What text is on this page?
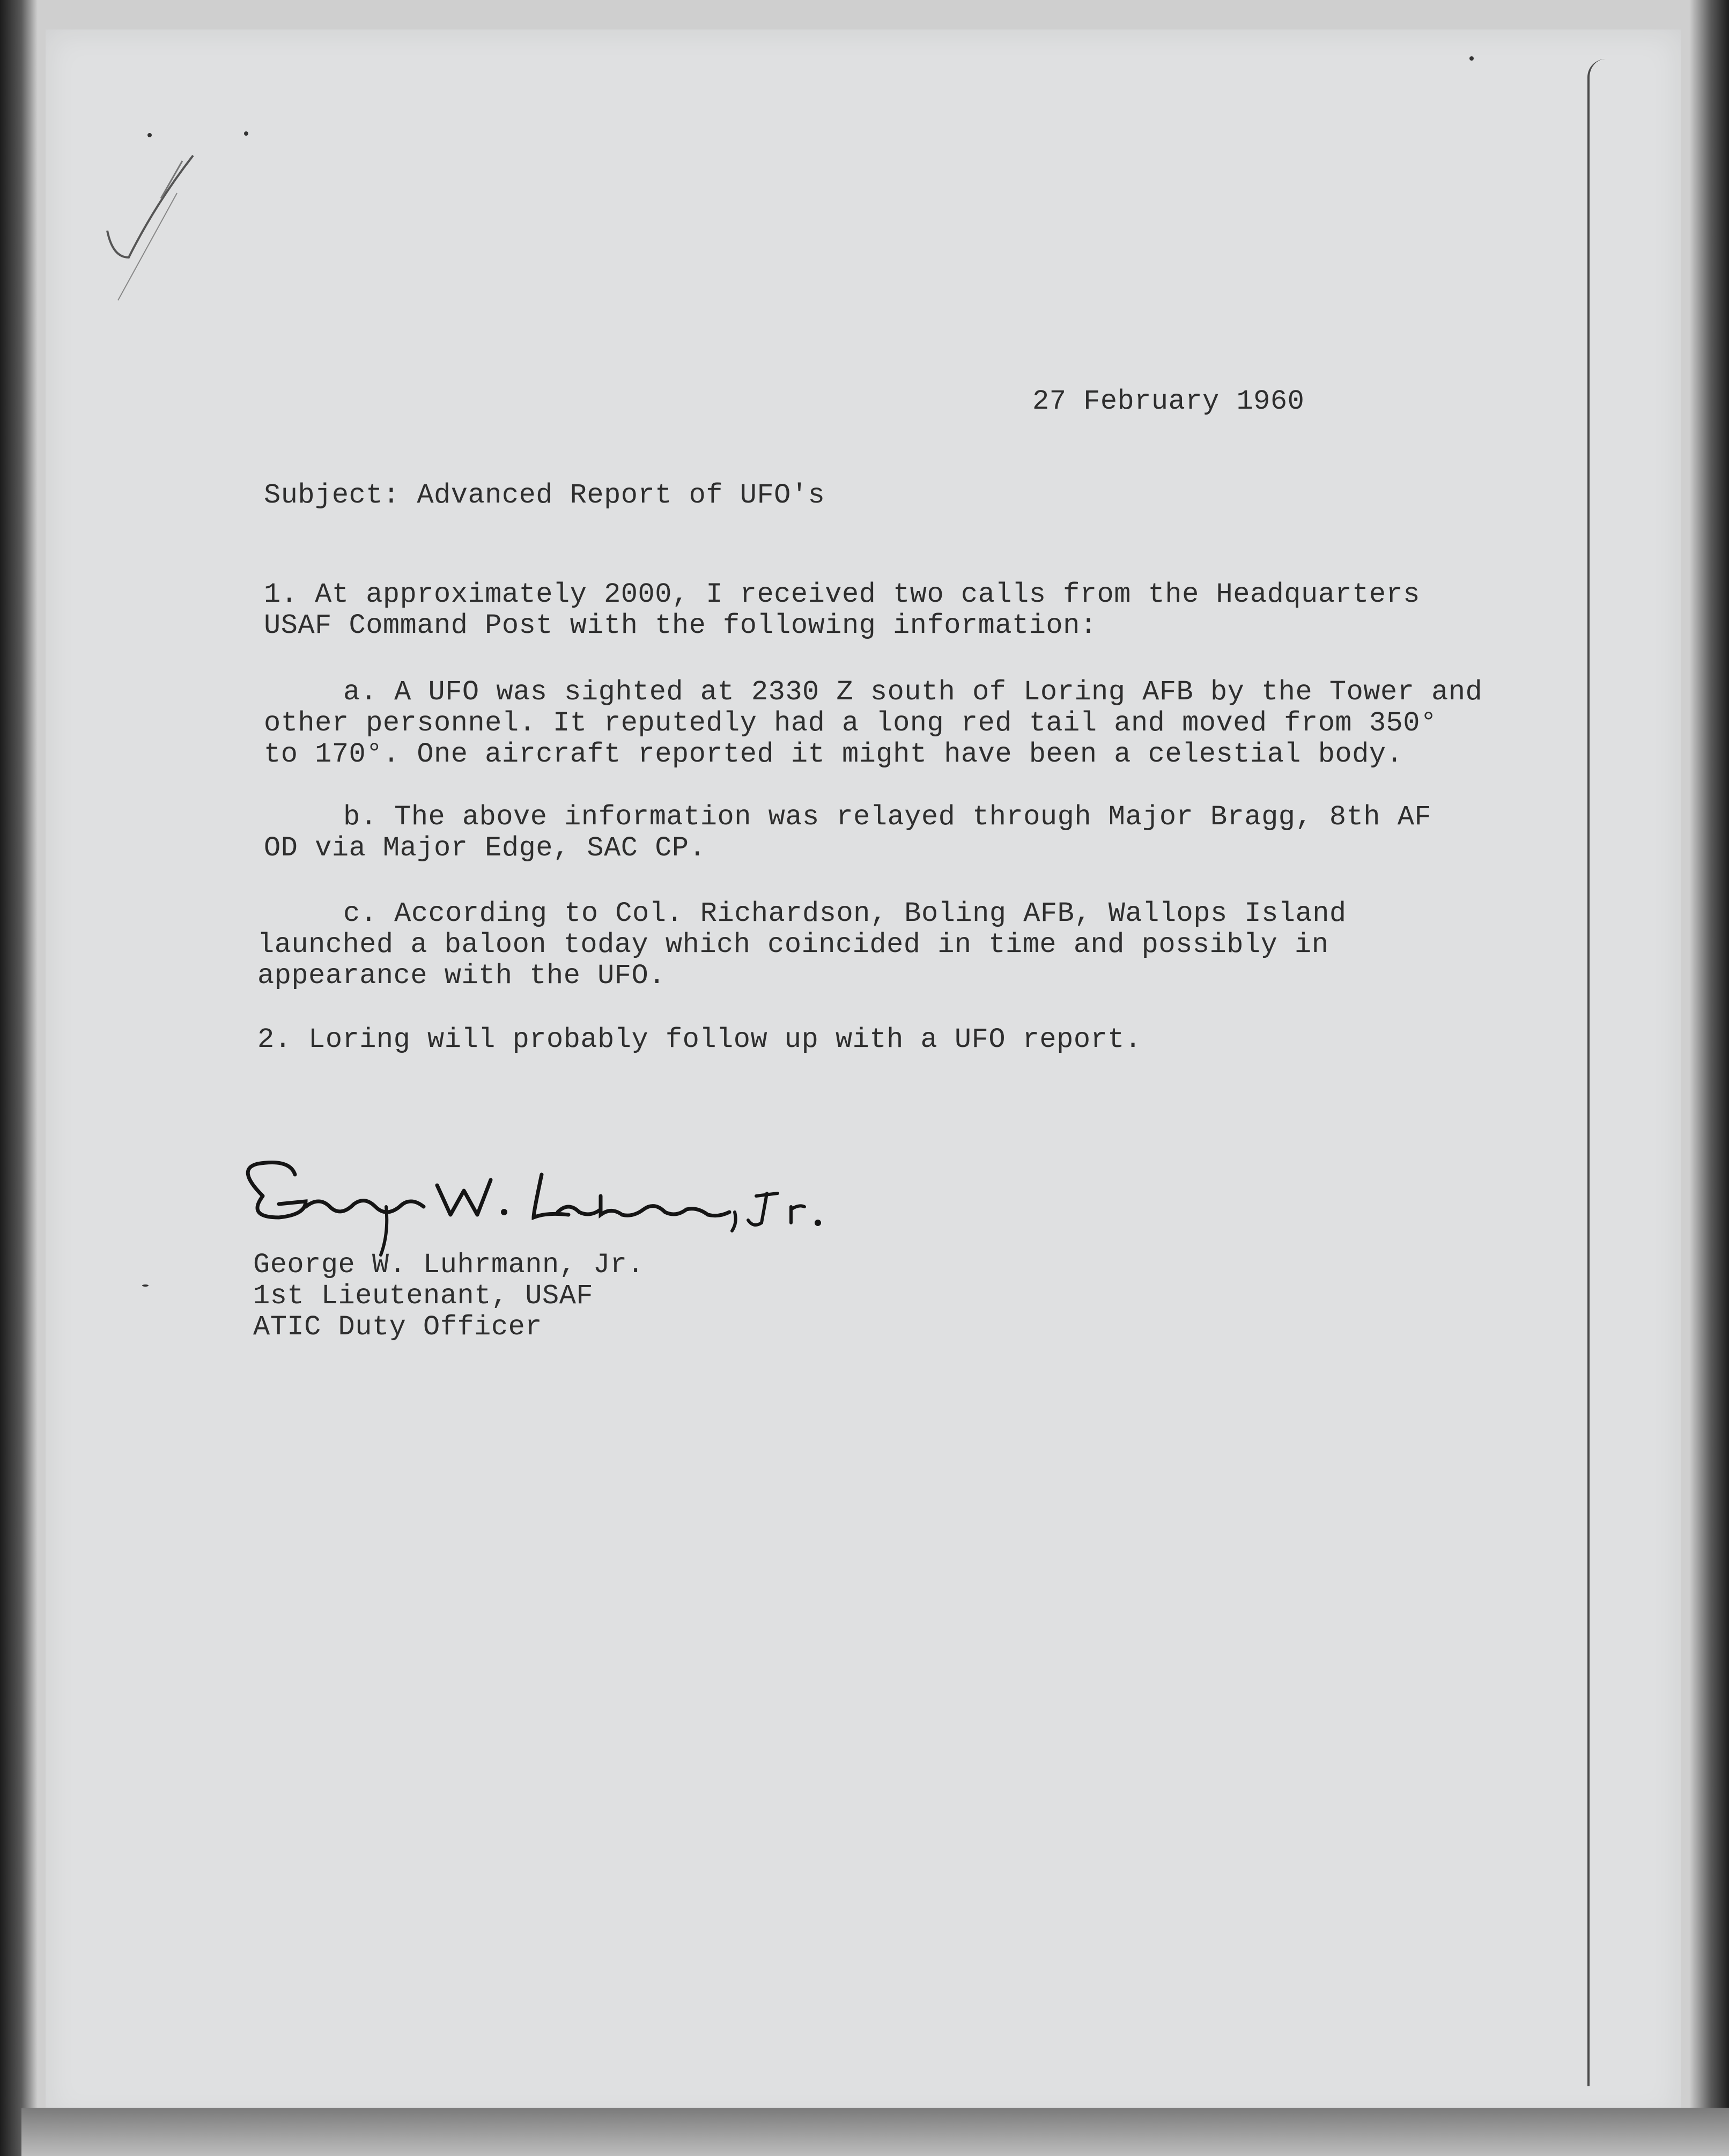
27 February 1960
Subject: Advanced Report of UFO's
1. At approximately 2000, I received two calls from the Headquarters
USAF Command Post with the following information:
a. A UFO was sighted at 2330 Z south of Loring AFB by the Tower and
other personnel. It reputedly had a long red tail and moved from 350°
to 170°. One aircraft reported it might have been a celestial body.
b. The above information was relayed through Major Bragg, 8th AF
OD via Major Edge, SAC CP.
c. According to Col. Richardson, Boling AFB, Wallops Island
launched a baloon today which coincided in time and possibly in
appearance with the UFO.
2. Loring will probably follow up with a UFO report.
George W. Luhrmann, Jr.
1st Lieutenant, USAF
ATIC Duty Officer
